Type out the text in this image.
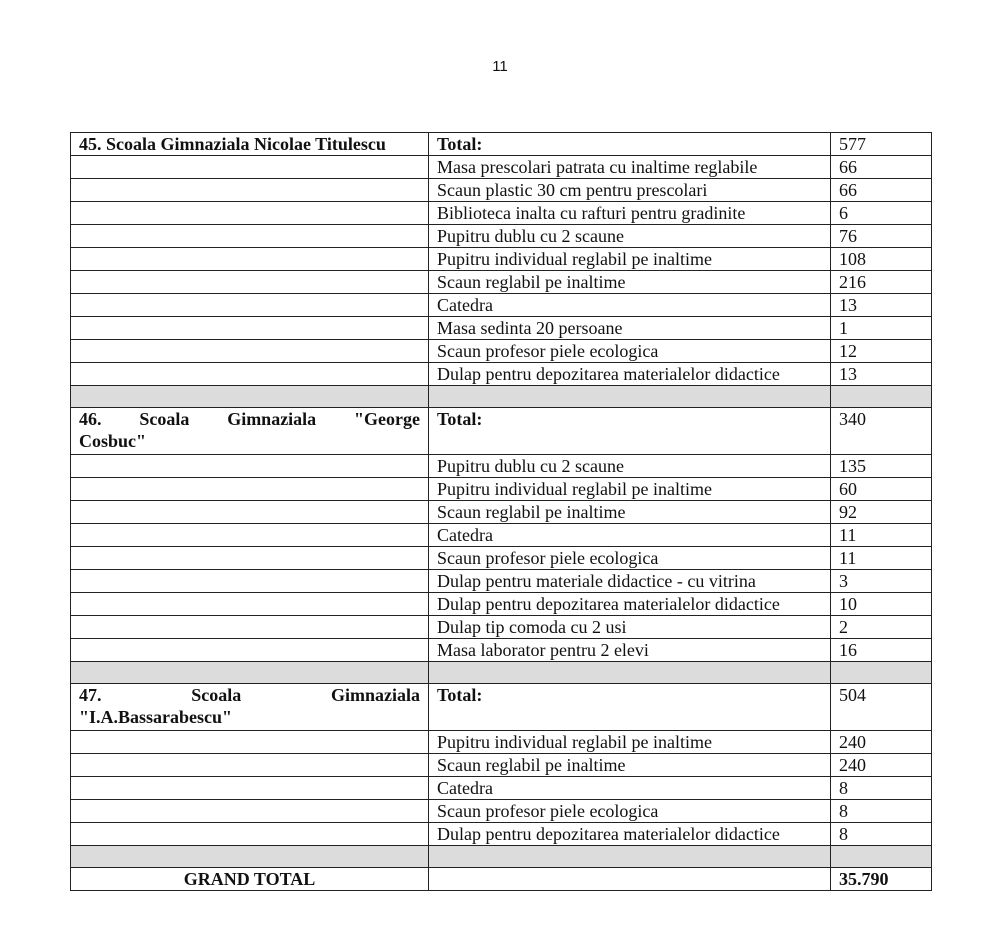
11
45. Scoala Gimnaziala Nicolae Titulescu	Total:	577
	Masa prescolari patrata cu inaltime reglabile	66
	Scaun plastic 30 cm pentru prescolari	66
	Biblioteca inalta cu rafturi pentru gradinite	6
	Pupitru dublu cu 2 scaune	76
	Pupitru individual reglabil pe inaltime	108
	Scaun reglabil pe inaltime	216
	Catedra	13
	Masa sedinta 20 persoane	1
	Scaun profesor piele ecologica	12
	Dulap pentru depozitarea materialelor didactice	13

46. Scoala Gimnaziala "George
Cosbuc"	Total:	340
	Pupitru dublu cu 2 scaune	135
	Pupitru individual reglabil pe inaltime	60
	Scaun reglabil pe inaltime	92
	Catedra	11
	Scaun profesor piele ecologica	11
	Dulap pentru materiale didactice - cu vitrina	3
	Dulap pentru depozitarea materialelor didactice	10
	Dulap tip comoda cu 2 usi	2
	Masa laborator pentru 2 elevi	16

47. Scoala Gimnaziala
"I.A.Bassarabescu"	Total:	504
	Pupitru individual reglabil pe inaltime	240
	Scaun reglabil pe inaltime	240
	Catedra	8
	Scaun profesor piele ecologica	8
	Dulap pentru depozitarea materialelor didactice	8

GRAND TOTAL		35.790
